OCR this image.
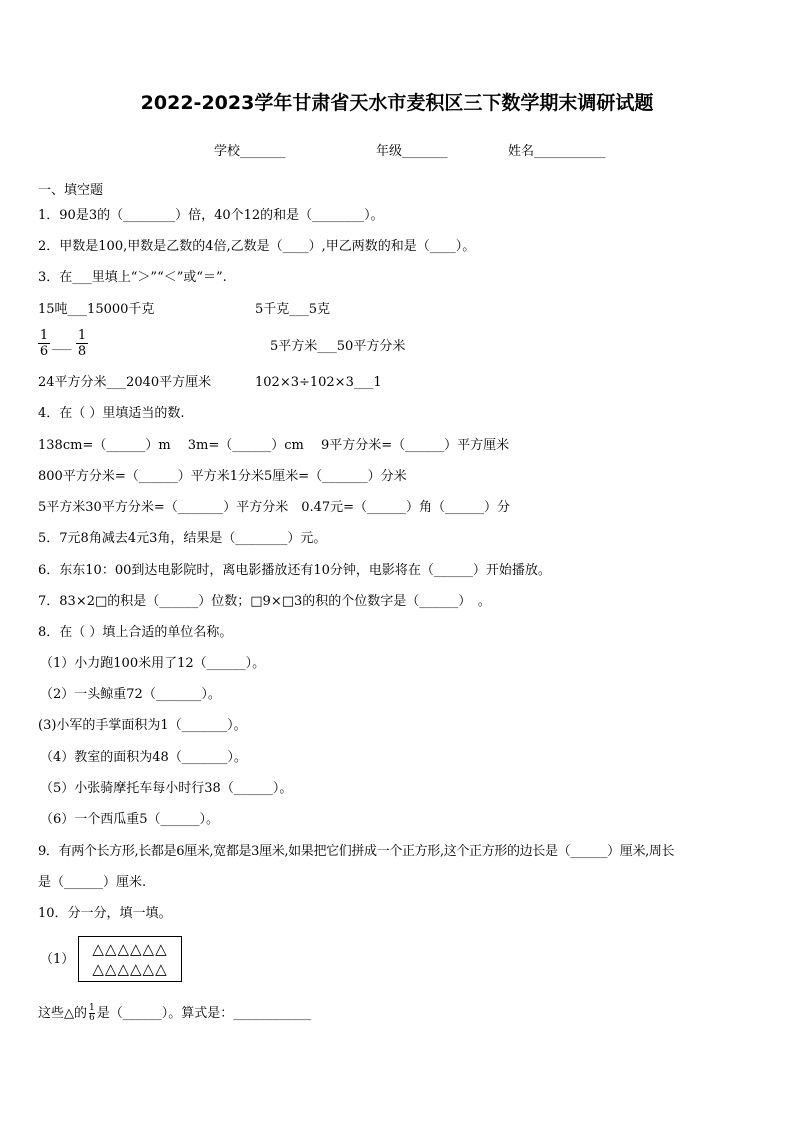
2022-2023学年甘肃省天水市麦积区三下数学期末调研试题
学校_______	年级_______	姓名___________
一、填空题
1．90是3的（________）倍，40个12的和是（________）。
2．甲数是100,甲数是乙数的4倍,乙数是（____）,甲乙两数的和是（____）。
3．在___里填上“＞”“＜”或“＝”.
15吨___15000千克	5千克___5克
$\frac{1}{6}$ ___ $\frac{1}{8}$	5平方米___50平方分米
24平方分米___2040平方厘米	102×3÷102×3___1
4．在（ ）里填适当的数.
138cm=（______）m　 3m=（______）cm　 9平方分米=（______）平方厘米
800平方分米=（______）平方米1分米5厘米=（_______）分米
5平方米30平方分米=（_______）平方分米　0.47元=（______）角（______）分
5．7元8角减去4元3角，结果是（________）元。
6．东东10：00到达电影院时，离电影播放还有10分钟，电影将在（______）开始播放。
7．83×2□的积是（______）位数；□9×□3的积的个位数字是（______）　。
8．在（ ）填上合适的单位名称。
（1）小力跑100米用了12（______）。
（2）一头鲸重72（_______）。
(3)小军的手掌面积为1（_______）。
（4）教室的面积为48（_______）。
（5）小张骑摩托车每小时行38（______）。
（6）一个西瓜重5（______）。
9．有两个长方形,长都是6厘米,宽都是3厘米,如果把它们拼成一个正方形,这个正方形的边长是（______）厘米,周长
是（______）厘米.
10．分一分，填一填。
（1）
△△△△△△
△△△△△△
这些△的 $\frac{1}{6}$ 是（______）。算式是：____________
